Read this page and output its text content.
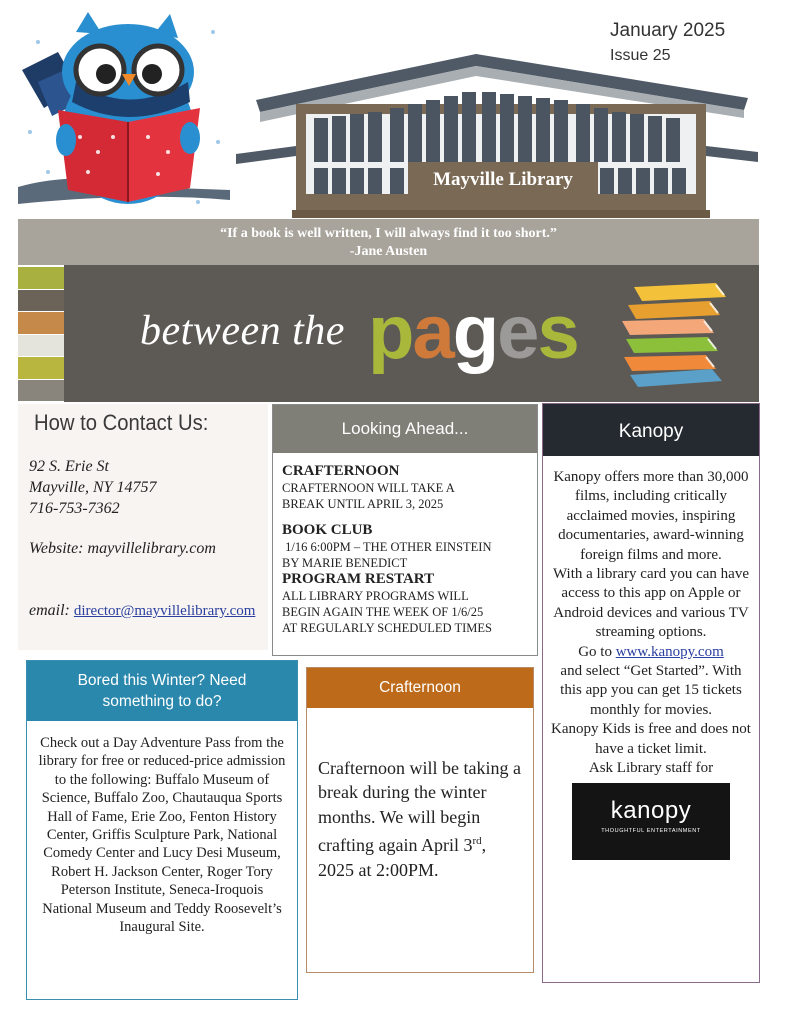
January 2025
Issue 25
Mayville Library
“If a book is well written, I will always find it too short.”
-Jane Austen
between the pages
How to Contact Us:
92 S. Erie St
Mayville, NY 14757
716-753-7362
Website: mayvillelibrary.com
email: director@mayvillelibrary.com
Looking Ahead...
CRAFTERNOON
CRAFTERNOON WILL TAKE A
BREAK UNTIL APRIL 3, 2025
BOOK CLUB
1/16 6:00PM – THE OTHER EINSTEIN
BY MARIE BENEDICT
PROGRAM RESTART
ALL LIBRARY PROGRAMS WILL
BEGIN AGAIN THE WEEK OF 1/6/25
AT REGULARLY SCHEDULED TIMES
Kanopy
Kanopy offers more than 30,000 films, including critically acclaimed movies, inspiring documentaries, award-winning foreign films and more.
With a library card you can have access to this app on Apple or Android devices and various TV streaming options.
Go to www.kanopy.com
and select “Get Started”. With this app you can get 15 tickets monthly for movies.
Kanopy Kids is free and does not have a ticket limit.
Ask Library staff for
kanopy
THOUGHTFUL ENTERTAINMENT
Bored this Winter? Need
something to do?
Check out a Day Adventure Pass from the library for free or reduced-price admission to the following: Buffalo Museum of Science, Buffalo Zoo, Chautauqua Sports Hall of Fame, Erie Zoo, Fenton History Center, Griffis Sculpture Park, National Comedy Center and Lucy Desi Museum, Robert H. Jackson Center, Roger Tory Peterson Institute, Seneca-Iroquois National Museum and Teddy Roosevelt’s Inaugural Site.
Crafternoon
Crafternoon will be taking a break during the winter months. We will begin crafting again April 3rd, 2025 at 2:00PM.
